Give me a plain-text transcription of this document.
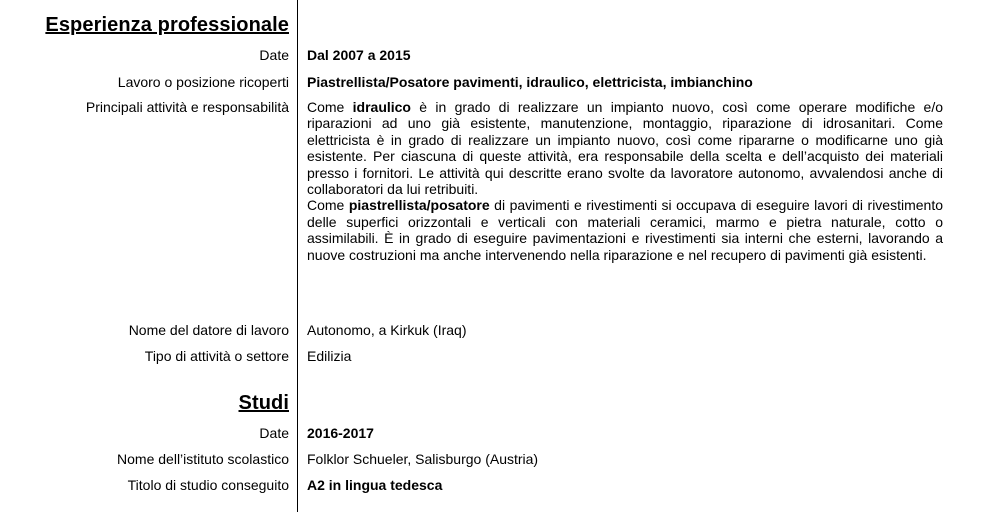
Esperienza professionale
Date Dal 2007 a 2015
Lavoro o posizione ricoperti Piastrellista/Posatore pavimenti, idraulico, elettricista, imbianchino
Principali attività e responsabilità Come idraulico è in grado di realizzare un impianto nuovo, così come operare modifiche e/o riparazioni ad uno già esistente, manutenzione, montaggio, riparazione di idrosanitari. Come elettricista è in grado di realizzare un impianto nuovo, così come ripararne o modificarne uno già esistente. Per ciascuna di queste attività, era responsabile della scelta e dell’acquisto dei materiali presso i fornitori. Le attività qui descritte erano svolte da lavoratore autonomo, avvalendosi anche di collaboratori da lui retribuiti.

Come piastrellista/posatore di pavimenti e rivestimenti si occupava di eseguire lavori di rivestimento delle superfici orizzontali e verticali con materiali ceramici, marmo e pietra naturale, cotto o assimilabili. È in grado di eseguire pavimentazioni e rivestimenti sia interni che esterni, lavorando a nuove costruzioni ma anche intervenendo nella riparazione e nel recupero di pavimenti già esistenti.

Nome del datore di lavoro Autonomo, a Kirkuk (Iraq)
Tipo di attività o settore Edilizia
Studi
Date 2016-2017
Nome dell’istituto scolastico Folklor Schueler, Salisburgo (Austria)
Titolo di studio conseguito A2 in lingua tedesca
